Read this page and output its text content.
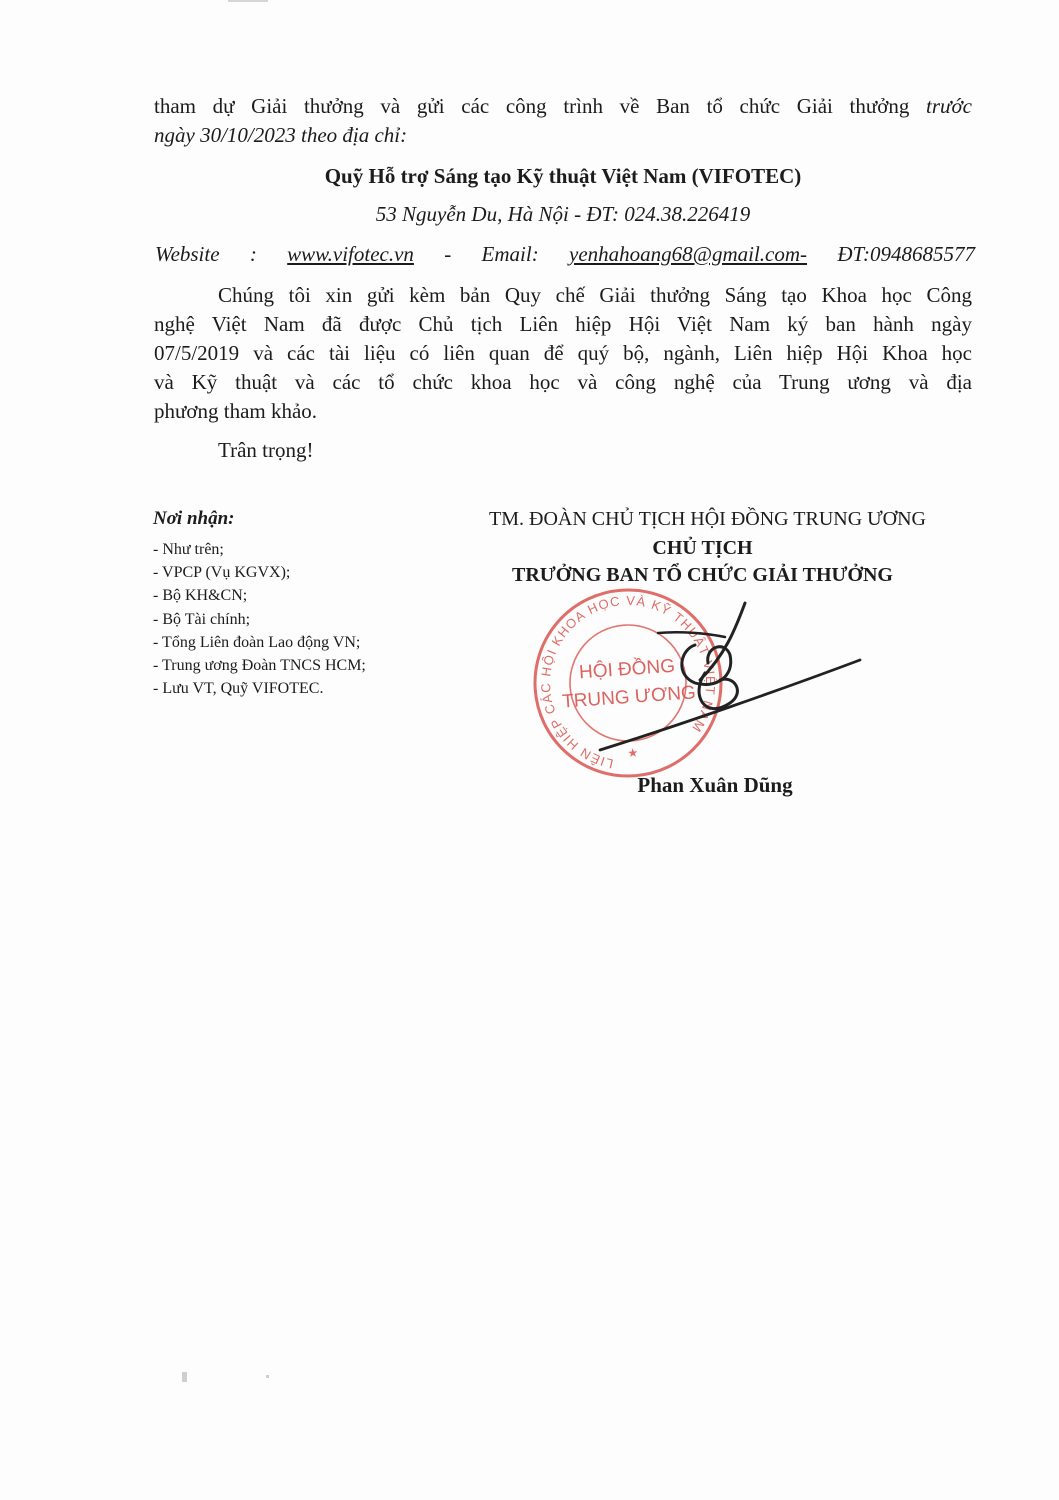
tham dự Giải thưởng và gửi các công trình về Ban tổ chức Giải thưởng trước

ngày 30/10/2023 theo địa chỉ:

Quỹ Hỗ trợ Sáng tạo Kỹ thuật Việt Nam (VIFOTEC)

53 Nguyễn Du, Hà Nội - ĐT: 024.38.226419

Website : www.vifotec.vn - Email: yenhahoang68@gmail.com- ĐT:0948685577

Chúng tôi xin gửi kèm bản Quy chế Giải thưởng Sáng tạo Khoa học Công

nghệ Việt Nam đã được Chủ tịch Liên hiệp Hội Việt Nam ký ban hành ngày

07/5/2019 và các tài liệu có liên quan để quý bộ, ngành, Liên hiệp Hội Khoa học

và Kỹ thuật và các tổ chức khoa học và công nghệ của Trung ương và địa

phương tham khảo.

Trân trọng!

Nơi nhận:
- Như trên;
- VPCP (Vụ KGVX);
- Bộ KH&CN;
- Bộ Tài chính;
- Tổng Liên đoàn Lao động VN;
- Trung ương Đoàn TNCS HCM;
- Lưu VT, Quỹ VIFOTEC.
TM. ĐOÀN CHỦ TỊCH HỘI ĐỒNG TRUNG ƯƠNG
CHỦ TỊCH
TRƯỞNG BAN TỔ CHỨC GIẢI THƯỞNG
LIÊN HIỆP CÁC HỘI KHOA HỌC VÀ KỸ THUẬT VIỆT NAM
HỘI ĐỒNG
TRUNG ƯƠNG
★
Phan Xuân Dũng
